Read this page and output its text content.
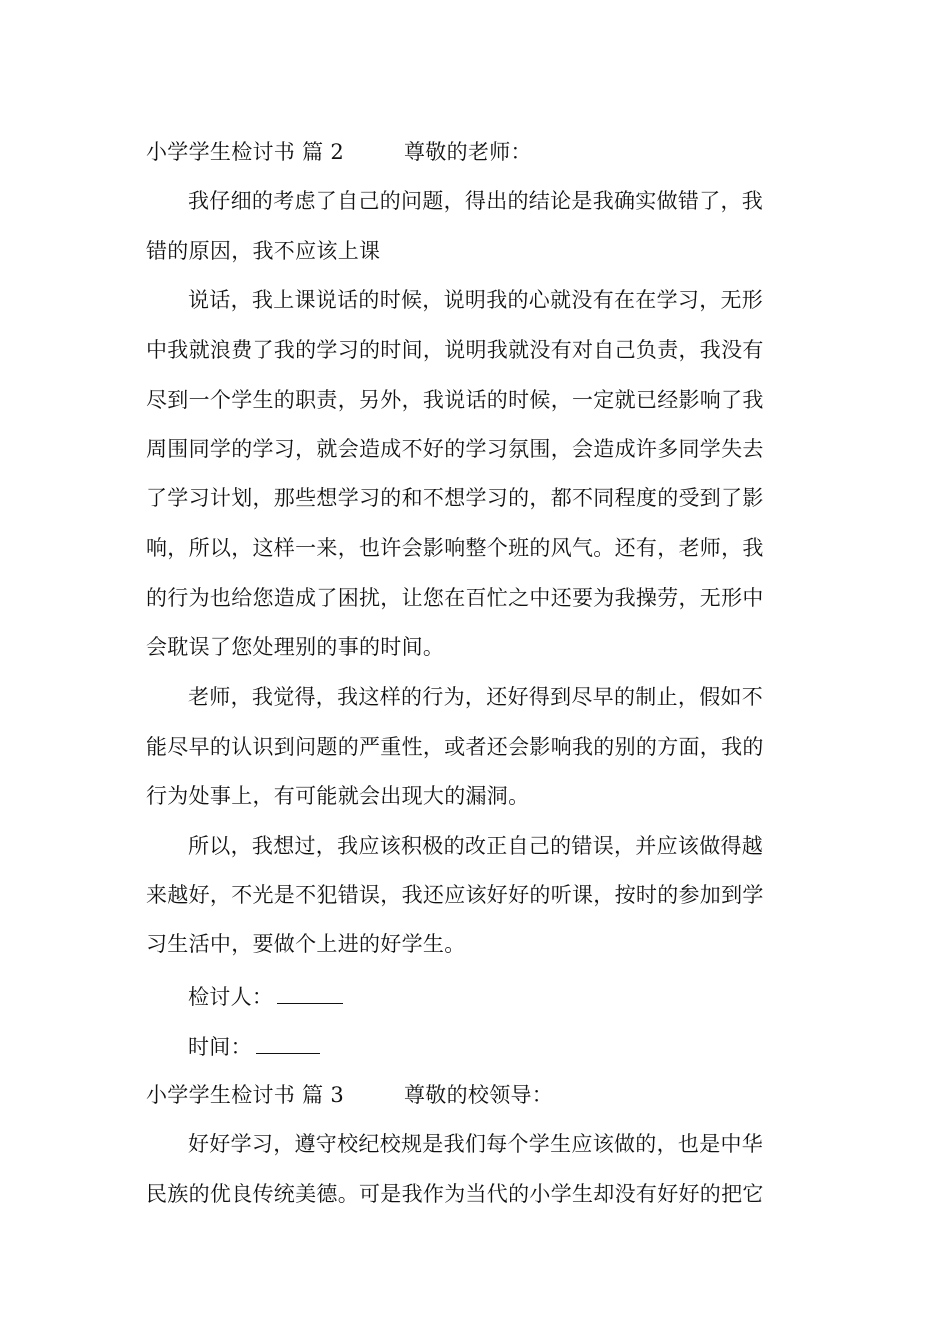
小学学生检讨书 篇 2	尊敬的老师：
我仔细的考虑了自己的问题，得出的结论是我确实做错了，我
错的原因，我不应该上课
说话，我上课说话的时候，说明我的心就没有在在学习，无形
中我就浪费了我的学习的时间，说明我就没有对自己负责，我没有
尽到一个学生的职责，另外，我说话的时候，一定就已经影响了我
周围同学的学习，就会造成不好的学习氛围，会造成许多同学失去
了学习计划，那些想学习的和不想学习的，都不同程度的受到了影
响，所以，这样一来，也许会影响整个班的风气。还有，老师，我
的行为也给您造成了困扰，让您在百忙之中还要为我操劳，无形中
会耽误了您处理别的事的时间。
老师，我觉得，我这样的行为，还好得到尽早的制止，假如不
能尽早的认识到问题的严重性，或者还会影响我的别的方面，我的
行为处事上，有可能就会出现大的漏洞。
所以，我想过，我应该积极的改正自己的错误，并应该做得越
来越好，不光是不犯错误，我还应该好好的听课，按时的参加到学
习生活中，要做个上进的好学生。
检讨人：
时间：
小学学生检讨书 篇 3	尊敬的校领导：
好好学习，遵守校纪校规是我们每个学生应该做的，也是中华
民族的优良传统美德。可是我作为当代的小学生却没有好好的把它
